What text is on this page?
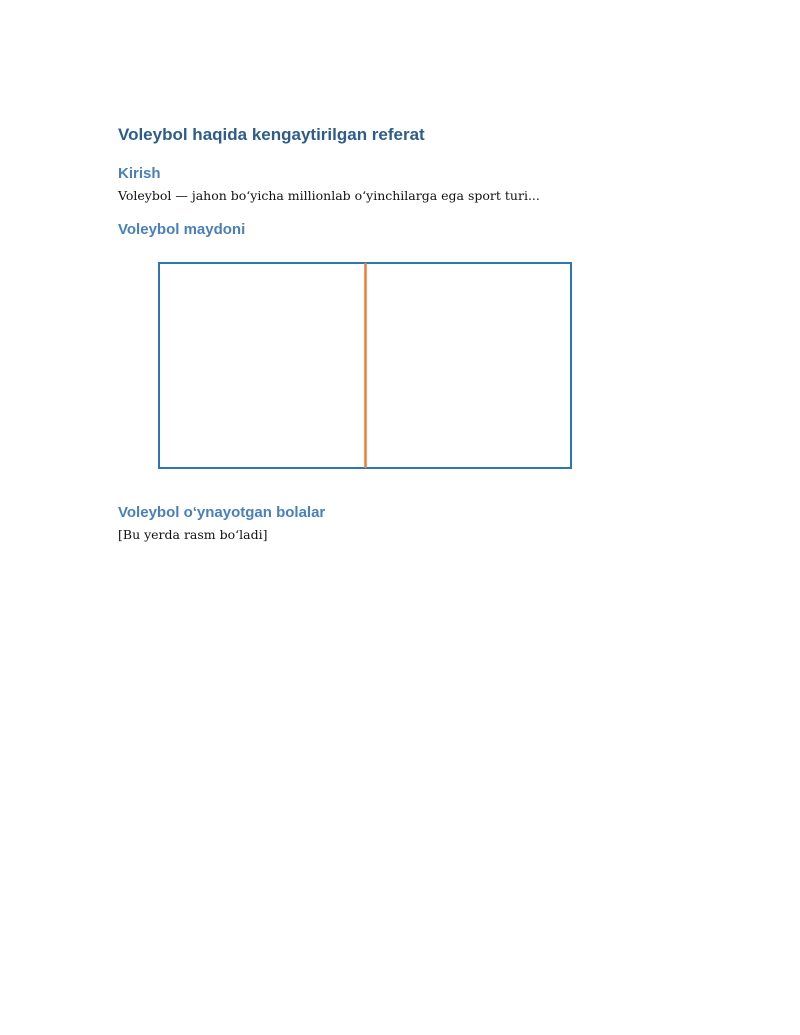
Voleybol haqida kengaytirilgan referat
Kirish

Voleybol — jahon bo‘yicha millionlab o‘yinchilarga ega sport turi...

Voleybol maydoni
Voleybol o‘ynayotgan bolalar

[Bu yerda rasm bo‘ladi]
